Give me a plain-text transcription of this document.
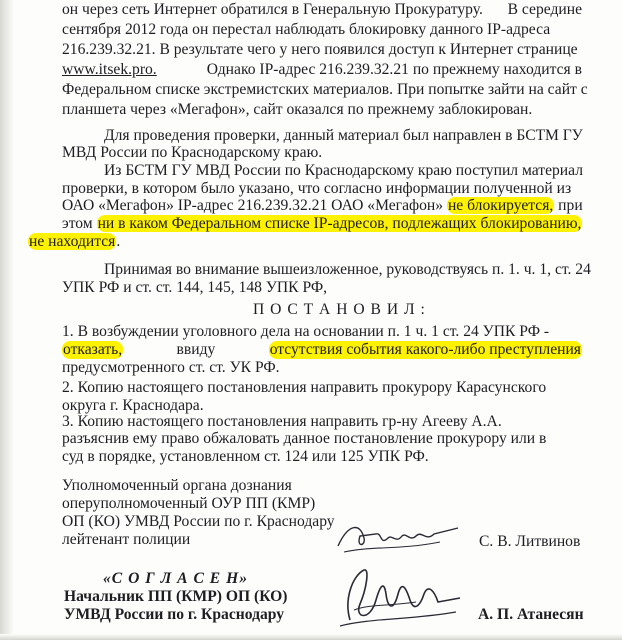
он через сеть Интернет обратился в Генеральную Прокуратуру. В середине
сентября 2012 года он перестал наблюдать блокировку данного IP-адреса
216.239.32.21. В результате чего у него появился доступ к Интернет странице
www.itsek.pro.	Однако IP-адрес 216.239.32.21 по прежнему находится в
Федеральном списке экстремистских материалов. При попытке зайти на сайт с
планшета через «Мегафон», сайт оказался по прежнему заблокирован.
Для проведения проверки, данный материал был направлен в БСТМ ГУ
МВД России по Краснодарскому краю.
Из БСТМ ГУ МВД России по Краснодарскому краю поступил материал
проверки, в котором было указано, что согласно информации полученной из
ОАО «Мегафон» IP-адрес 216.239.32.21 ОАО «Мегафон» не блокируется, при
этом ни в каком Федеральном списке IP-адресов, подлежащих блокированию,
не находится.
Принимая во внимание вышеизложенное, руководствуясь п. 1. ч. 1, ст. 24
УПК РФ и ст. ст. 144, 145, 148 УПК РФ,
П О С Т А Н О В И Л :
1. В возбуждении уголовного дела на основании п. 1 ч. 1 ст. 24 УПК РФ -
отказать,	ввиду	отсутствия события какого-либо преступления
предусмотренного ст. ст. УК РФ.
2. Копию настоящего постановления направить прокурору Карасунского
округа г. Краснодара.
3. Копию настоящего постановления направить гр-ну Агееву А.А.
разъяснив ему право обжаловать данное постановление прокурору или в
суд в порядке, установленном ст. 124 или 125 УПК РФ.
Уполномоченный органа дознания
оперуполномоченный ОУР ПП (КМР)
ОП (КО) УМВД России по г. Краснодару
лейтенант полиции	С. В. Литвинов
«С О Г Л А С Е Н»
Начальник ПП (КМР) ОП (КО)
УМВД России по г. Краснодару	А. П. Атанесян
